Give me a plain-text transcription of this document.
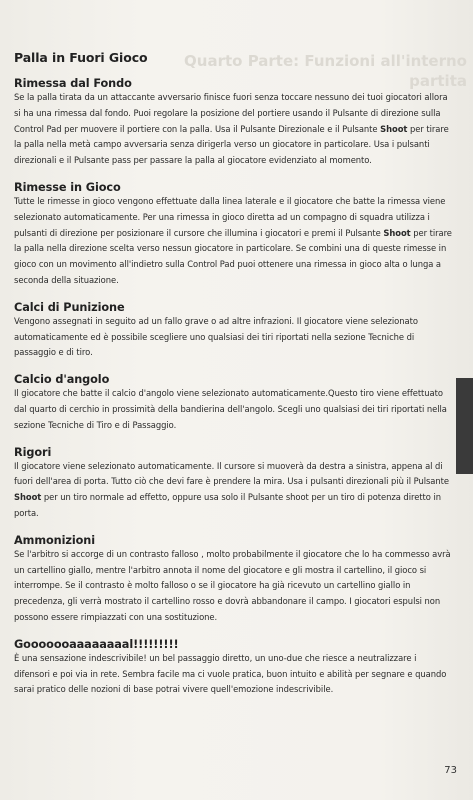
Quarto Parte: Funzioni all'interno
partita
Palla in Fuori Gioco
Rimessa dal Fondo

Se la palla tirata da un attaccante avversario finisce fuori senza toccare nessuno dei tuoi giocatori allora si ha una rimessa dal fondo. Puoi regolare la posizione del portiere usando il Pulsante di direzione sulla Control Pad per muovere il portiere con la palla. Usa il Pulsante Direzionale e il Pulsante Shoot per tirare la palla nella metà campo avversaria senza dirigerla verso un giocatore in particolare. Usa i pulsanti direzionali e il Pulsante pass per passare la palla al giocatore evidenziato al momento.

Rimesse in Gioco

Tutte le rimesse in gioco vengono effettuate dalla linea laterale e il giocatore che batte la rimessa viene selezionato automaticamente. Per una rimessa in gioco diretta ad un compagno di squadra utilizza i pulsanti di direzione per posizionare il cursore che illumina i giocatori e premi il Pulsante Shoot per tirare la palla nella direzione scelta verso nessun giocatore in particolare. Se combini una di queste rimesse in gioco con un movimento all'indietro sulla Control Pad puoi ottenere una rimessa in gioco alta o lunga a seconda della situazione.

Calci di Punizione

Vengono assegnati in seguito ad un fallo grave o ad altre infrazioni. Il giocatore viene selezionato automaticamente ed è possibile scegliere uno qualsiasi dei tiri riportati nella sezione Tecniche di passaggio e di tiro.

Calcio d'angolo

Il giocatore che batte il calcio d'angolo viene selezionato automaticamente.Questo tiro viene effettuato dal quarto di cerchio in prossimità della bandierina dell'angolo. Scegli uno qualsiasi dei tiri riportati nella sezione Tecniche di Tiro e di Passaggio.

Rigori

Il giocatore viene selezionato automaticamente. Il cursore si muoverà da destra a sinistra, appena al di fuori dell'area di porta. Tutto ciò che devi fare è prendere la mira. Usa i pulsanti direzionali più il Pulsante Shoot per un tiro normale ad effetto, oppure usa solo il Pulsante shoot per un tiro di potenza diretto in porta.

Ammonizioni

Se l'arbitro si accorge di un contrasto falloso , molto probabilmente il giocatore che lo ha commesso avrà un cartellino giallo, mentre l'arbitro annota il nome del giocatore e gli mostra il cartellino, il gioco si interrompe. Se il contrasto è molto falloso o se il giocatore ha già ricevuto un cartellino giallo in precedenza, gli verrà mostrato il cartellino rosso e dovrà abbandonare il campo. I giocatori espulsi non possono essere rimpiazzati con una sostituzione.

Gooooooaaaaaaaal!!!!!!!!!

È una sensazione indescrivibile! un bel passaggio diretto, un uno-due che riesce a neutralizzare i difensori e poi via in rete. Sembra facile ma ci vuole pratica, buon intuito e abilità per segnare e quando sarai pratico delle nozioni di base potrai vivere quell'emozione indescrivibile.

73
